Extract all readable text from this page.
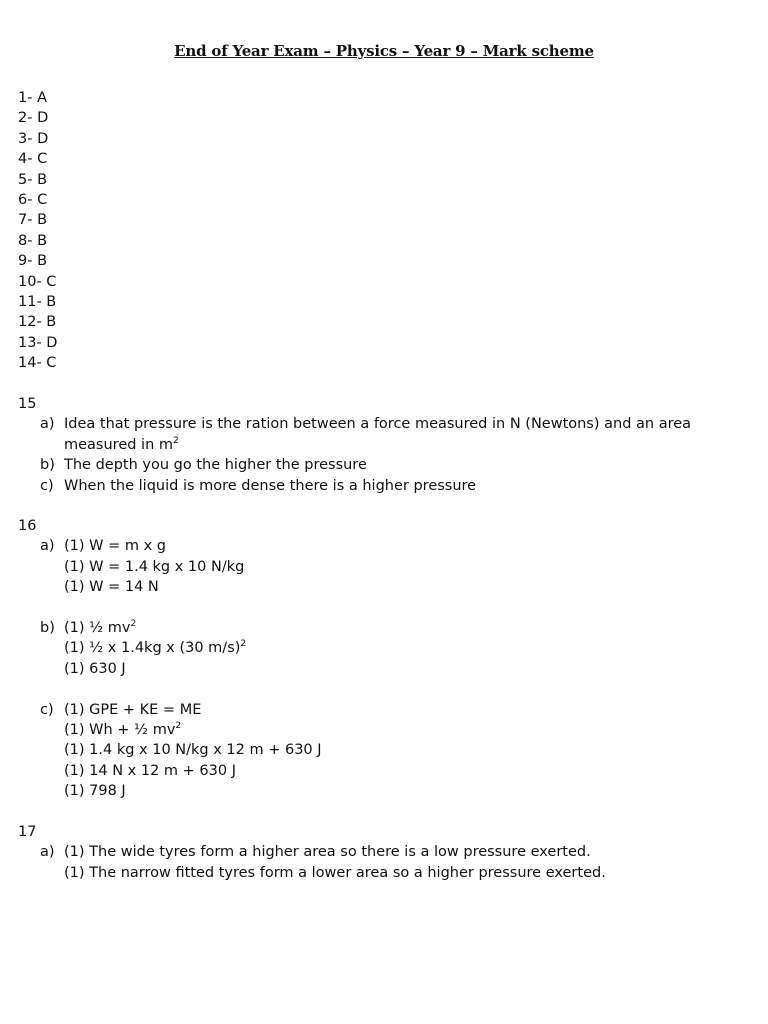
End of Year Exam – Physics – Year 9 – Mark scheme
1- A
2- D
3- D
4- C
5- B
6- C
7- B
8- B
9- B
10- C
11- B
12- B
13- D
14- C
15
a) Idea that pressure is the ration between a force measured in N (Newtons) and an area
measured in $m^2$
b) The depth you go the higher the pressure
c) When the liquid is more dense there is a higher pressure
16
a) (1) W = m x g
(1) W = 1.4 kg x 10 N/kg
(1) W = 14 N
b) (1) ½ $mv^2$
(1) ½ x 1.4kg x (30 m/s)$^2$
(1) 630 J
c) (1) GPE + KE = ME
(1) Wh + ½ $mv^2$
(1) 1.4 kg x 10 N/kg x 12 m + 630 J
(1) 14 N x 12 m + 630 J
(1) 798 J
17
a) (1) The wide tyres form a higher area so there is a low pressure exerted.
(1) The narrow fitted tyres form a lower area so a higher pressure exerted.
